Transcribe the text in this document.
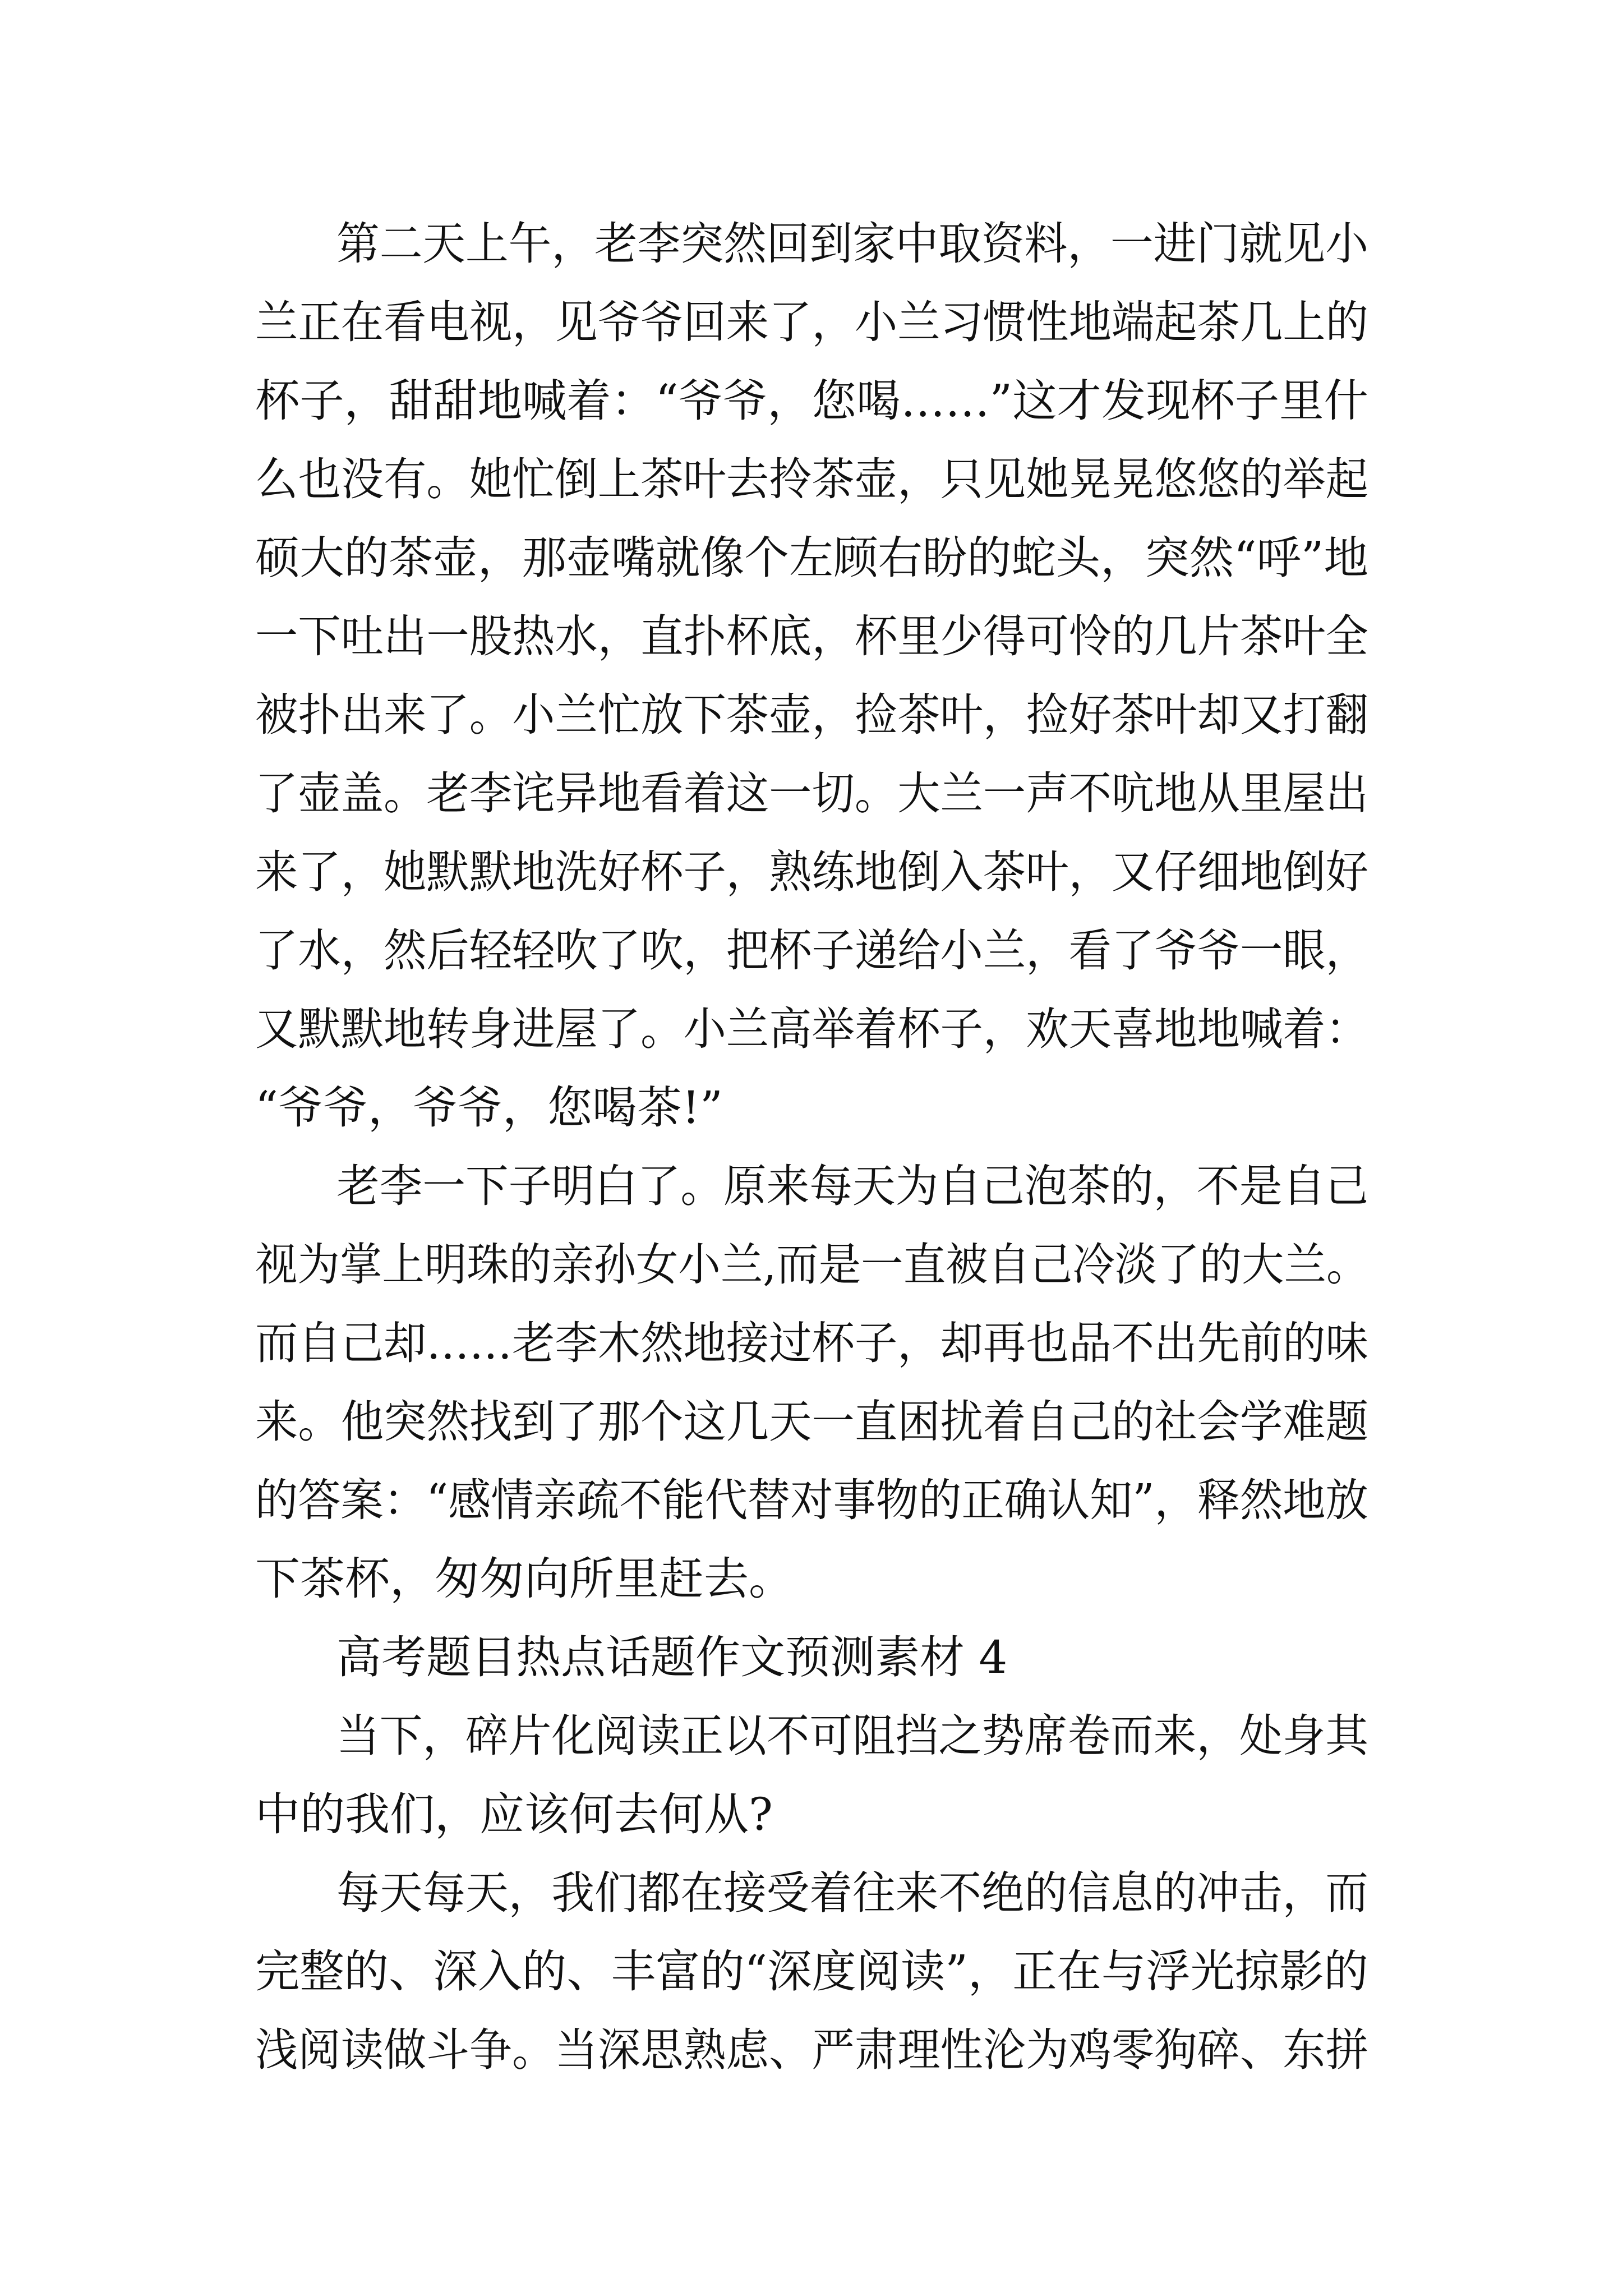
第二天上午，老李突然回到家中取资料，一进门就见小
兰正在看电视，见爷爷回来了，小兰习惯性地端起茶几上的
杯子，甜甜地喊着：“爷爷，您喝……”这才发现杯子里什
么也没有。她忙倒上茶叶去拎茶壶，只见她晃晃悠悠的举起
硕大的茶壶，那壶嘴就像个左顾右盼的蛇头，突然“呼”地
一下吐出一股热水，直扑杯底，杯里少得可怜的几片茶叶全
被扑出来了。小兰忙放下茶壶，捡茶叶，捡好茶叶却又打翻
了壶盖。老李诧异地看着这一切。大兰一声不吭地从里屋出
来了，她默默地洗好杯子，熟练地倒入茶叶，又仔细地倒好
了水，然后轻轻吹了吹，把杯子递给小兰，看了爷爷一眼，
又默默地转身进屋了。小兰高举着杯子，欢天喜地地喊着：
“爷爷，爷爷，您喝茶!”
老李一下子明白了。原来每天为自己泡茶的，不是自己
视为掌上明珠的亲孙女小兰,而是一直被自己冷淡了的大兰。
而自己却……老李木然地接过杯子，却再也品不出先前的味
来。他突然找到了那个这几天一直困扰着自己的社会学难题
的答案：“感情亲疏不能代替对事物的正确认知”，释然地放
下茶杯，匆匆向所里赶去。
高考题目热点话题作文预测素材 4
当下，碎片化阅读正以不可阻挡之势席卷而来，处身其
中的我们，应该何去何从?
每天每天，我们都在接受着往来不绝的信息的冲击，而
完整的、深入的、丰富的“深度阅读”，正在与浮光掠影的
浅阅读做斗争。当深思熟虑、严肃理性沦为鸡零狗碎、东拼
